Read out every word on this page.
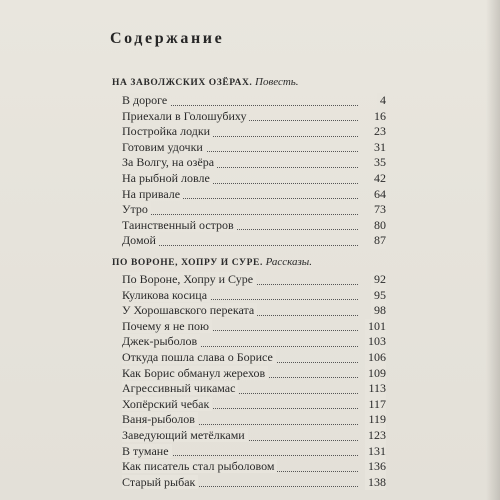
Содержание
НА ЗАВОЛЖСКИХ ОЗЁРАХ. Повесть.
В дороге	4
Приехали в Голошубиху	16
Постройка лодки	23
Готовим удочки	31
За Волгу, на озёра	35
На рыбной ловле	42
На привале	64
Утро	73
Таинственный остров	80
Домой	87
ПО ВОРОНЕ, ХОПРУ И СУРЕ. Рассказы.
По Вороне, Хопру и Суре	92
Куликова косица	95
У Хорошавского переката	98
Почему я не пою	101
Джек-рыболов	103
Откуда пошла слава о Борисе	106
Как Борис обманул жерехов	109
Агрессивный чикамас	113
Хопёрский чебак	117
Ваня-рыболов	119
Заведующий метёлками	123
В тумане	131
Как писатель стал рыболовом	136
Старый рыбак	138
